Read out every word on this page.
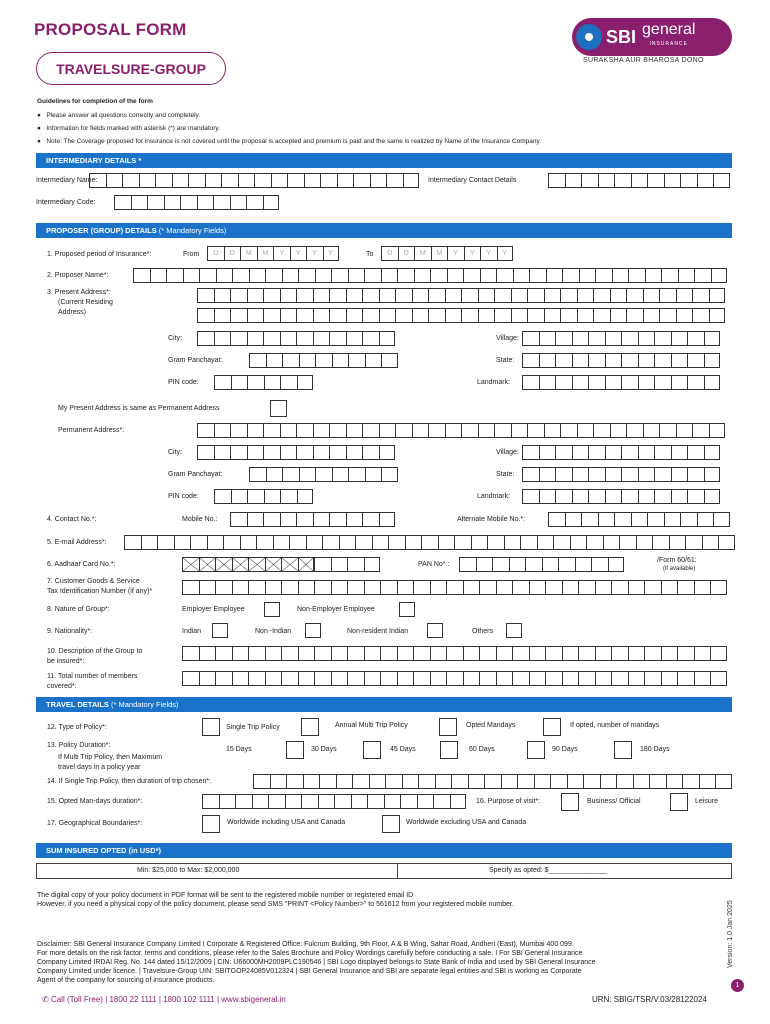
PROPOSAL FORM
TRAVELSURE-GROUP
SBI general
INSURANCE
SURAKSHA AUR BHAROSA DONO
Guidelines for completion of the form
●   Please answer all questions correctly and completely.
●   Information for fields marked with asterisk (*) are mandatory.
●   Note: The Coverage proposed for insurance is not covered until the proposal is accepted and premium is paid and the same is realized by Name of the Insurance Company.
INTERMEDIARY DETAILS *
Intermediary Name:	Intermediary Contact Details
Intermediary Code:
PROPOSER (GROUP) DETAILS (* Mandatory Fields)
1. Proposed period of Insurance*:	From	D	D	M	M	Y	Y	Y	Y	To	D	D	M	M	Y	Y	Y	Y
2. Proposer Name*:
3. Present Address*:
(Current Residing
Address)
City:	Village:
Gram Panchayat:	State:
PIN code:	Landmark:
My Present Address is same as Permanent Address
Permanent Address*:
City:	Village:
Gram Panchayat:	State:
PIN code:	Landmark:
4. Contact No.*:	Mobile No.:	Alternate Mobile No.*:
5. E-mail Address*:
6. Aadhaar Card No.*:	PAN No*.:
/Form 60/61:
(if available)
7. Customer Goods & Service
Tax Identification Number (if any)*
8. Nature of Group*:	Employer Employee	Non-Employer Employee
9. Nationality*:	Indian	Non -Indian	Non-resident Indian	Others
10. Description of the Group to
be insured*:
11. Total number of members
covered*:
TRAVEL DETAILS (* Mandatory Fields)
12. Type of Policy*:	Single Trip Policy	Annual Multi Trip Policy	Opted Mandays	If opted, number of mandays
13. Policy Duration*:
If Multi Trip Policy, then Maximum
travel days in a policy year
15 Days	30 Days	45 Days	60 Days	90 Days	180 Days
14. If Single Trip Policy, then duration of trip chosen*:
15. Opted Man-days duration*:	16. Purpose of visit*:	Business/ Official	Leisure
17. Geographical Boundaries*:	Worldwide including USA and Canada	Worldwide excluding USA and Canada
SUM INSURED OPTED (in USD*)
Min: $25,000 to Max: $2,000,000	Specify as opted: $_______________
The digital copy of your policy document in PDF format will be sent to the registered mobile number or registered email ID
However, if you need a physical copy of the policy document, please send SMS "PRINT <Policy Number>" to 561612 from your registered mobile number.
Disclaimer: SBI General Insurance Company Limited I Corporate & Registered Office: Fulcrum Building, 9th Floor, A & B Wing, Sahar Road, Andheri (East), Mumbai 400 099.
For more details on the risk factor, terms and conditions, please refer to the Sales Brochure and Policy Wordings carefully before conducting a sale. I For SBI General Insurance
Company Limited IRDAI Reg. No. 144 dated 15/12/2009 | CIN: U66000MH2009PLC190546 | SBI Logo displayed belongs to State Bank of India and used by SBI General Insurance
Company Limited under licence. | Travelsure-Group UIN: SBITGOP24085V012324 | SBI General Insurance and SBI are separate legal entities and SBI is working as Corporate
Agent of the company for sourcing of insurance products.
Version: 1.0 Jan 2025
1
✆ Call (Toll Free) | 1800 22 1111 | 1800 102 1111 | www.sbigeneral.in	URN: SBIG/TSR/V.03/28122024
